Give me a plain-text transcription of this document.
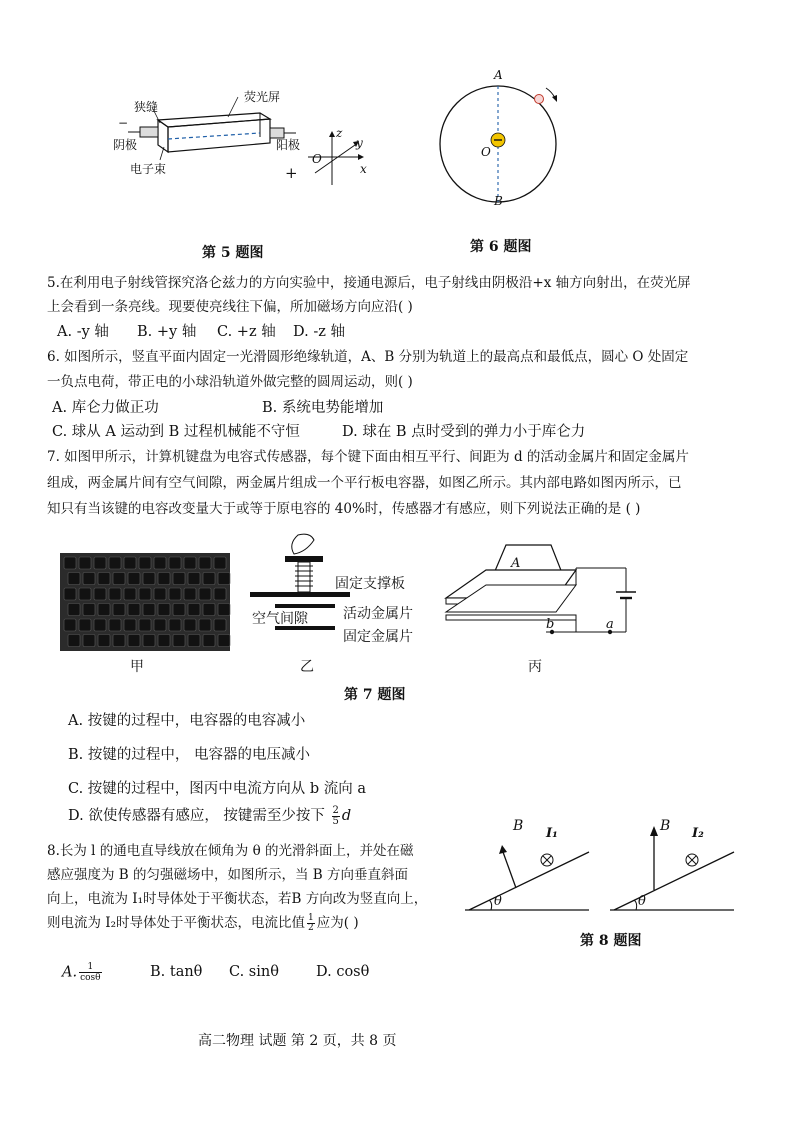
狭缝
荧光屏
−
阴极	阳极
电子束	+
O
z
y
x
第 5 题图
A
O
B
第 6 题图
5.在利用电子射线管探究洛仑兹力的方向实验中，接通电源后，电子射线由阴极沿+x 轴方向射出，在荧光屏
上会看到一条亮线。现要使亮线往下偏，所加磁场方向应沿( )
A. -y 轴 B. +y 轴 C. +z 轴 D. -z 轴
6. 如图所示，竖直平面内固定一光滑圆形绝缘轨道，A、B 分别为轨道上的最高点和最低点，圆心 O 处固定
一负点电荷，带正电的小球沿轨道外做完整的圆周运动，则( )
A. 库仑力做正功	B. 系统电势能增加
C. 球从 A 运动到 B 过程机械能不守恒	D. 球在 B 点时受到的弹力小于库仑力
7. 如图甲所示，计算机键盘为电容式传感器，每个键下面由相互平行、间距为 d 的活动金属片和固定金属片
组成，两金属片间有空气间隙，两金属片组成一个平行板电容器，如图乙所示。其内部电路如图丙所示，已
知只有当该键的电容改变量大于或等于原电容的 40%时，传感器才有感应，则下列说法正确的是 ( )
固定支撑板
空气间隙	活动金属片
固定金属片
A
b	a
甲	乙	丙
第 7 题图
A. 按键的过程中，电容器的电容减小
B. 按键的过程中， 电容器的电压减小
C. 按键的过程中，图丙中电流方向从 b 流向 a
D. 欲使传感器有感应， 按键需至少按下 $\frac{2}{5}$ d
8.长为 l 的通电直导线放在倾角为 θ 的光滑斜面上，并处在磁
感应强度为 B 的匀强磁场中，如图所示，当 B 方向垂直斜面
向上，电流为 I₁时导体处于平衡状态，若B 方向改为竖直向上，
则电流为 I₂时导体处于平衡状态，电流比值 $\frac{1}{2}$ 应为( )
A. $\frac{1}{\cos\theta}$	B. tanθ C. sinθ	D. cosθ
B I₁
θ
B I₂
θ
第 8 题图
高二物理 试题 第 2 页，共 8 页
